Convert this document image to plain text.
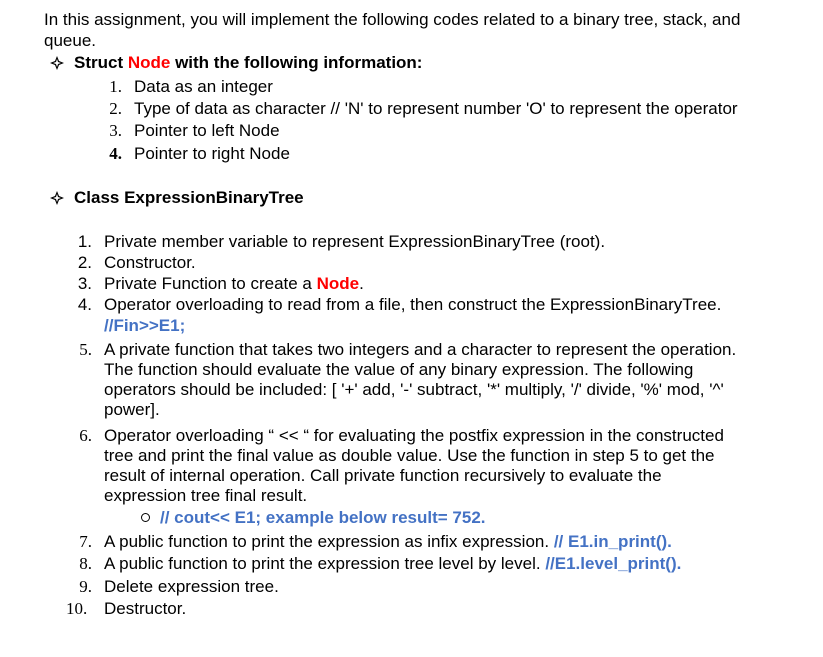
In this assignment, you will implement the following codes related to a binary tree, stack, and
queue.
Struct Node with the following information:
1. Data as an integer
2. Type of data as character // 'N' to represent number 'O' to represent the operator
3. Pointer to left Node
4. Pointer to right Node
Class ExpressionBinaryTree
1. Private member variable to represent ExpressionBinaryTree (root).
2. Constructor.
3. Private Function to create a Node.
4. Operator overloading to read from a file, then construct the ExpressionBinaryTree.
//Fin>>E1;
5. A private function that takes two integers and a character to represent the operation.
The function should evaluate the value of any binary expression. The following
operators should be included: [ '+' add, '-' subtract, '*' multiply, '/' divide, '%' mod, '^'
power].
6. Operator overloading “ << “ for evaluating the postfix expression in the constructed
tree and print the final value as double value. Use the function in step 5 to get the
result of internal operation. Call private function recursively to evaluate the
expression tree final result.
// cout<< E1; example below result= 752.
7. A public function to print the expression as infix expression. // E1.in_print().
8. A public function to print the expression tree level by level. //E1.level_print().
9. Delete expression tree.
10. Destructor.
